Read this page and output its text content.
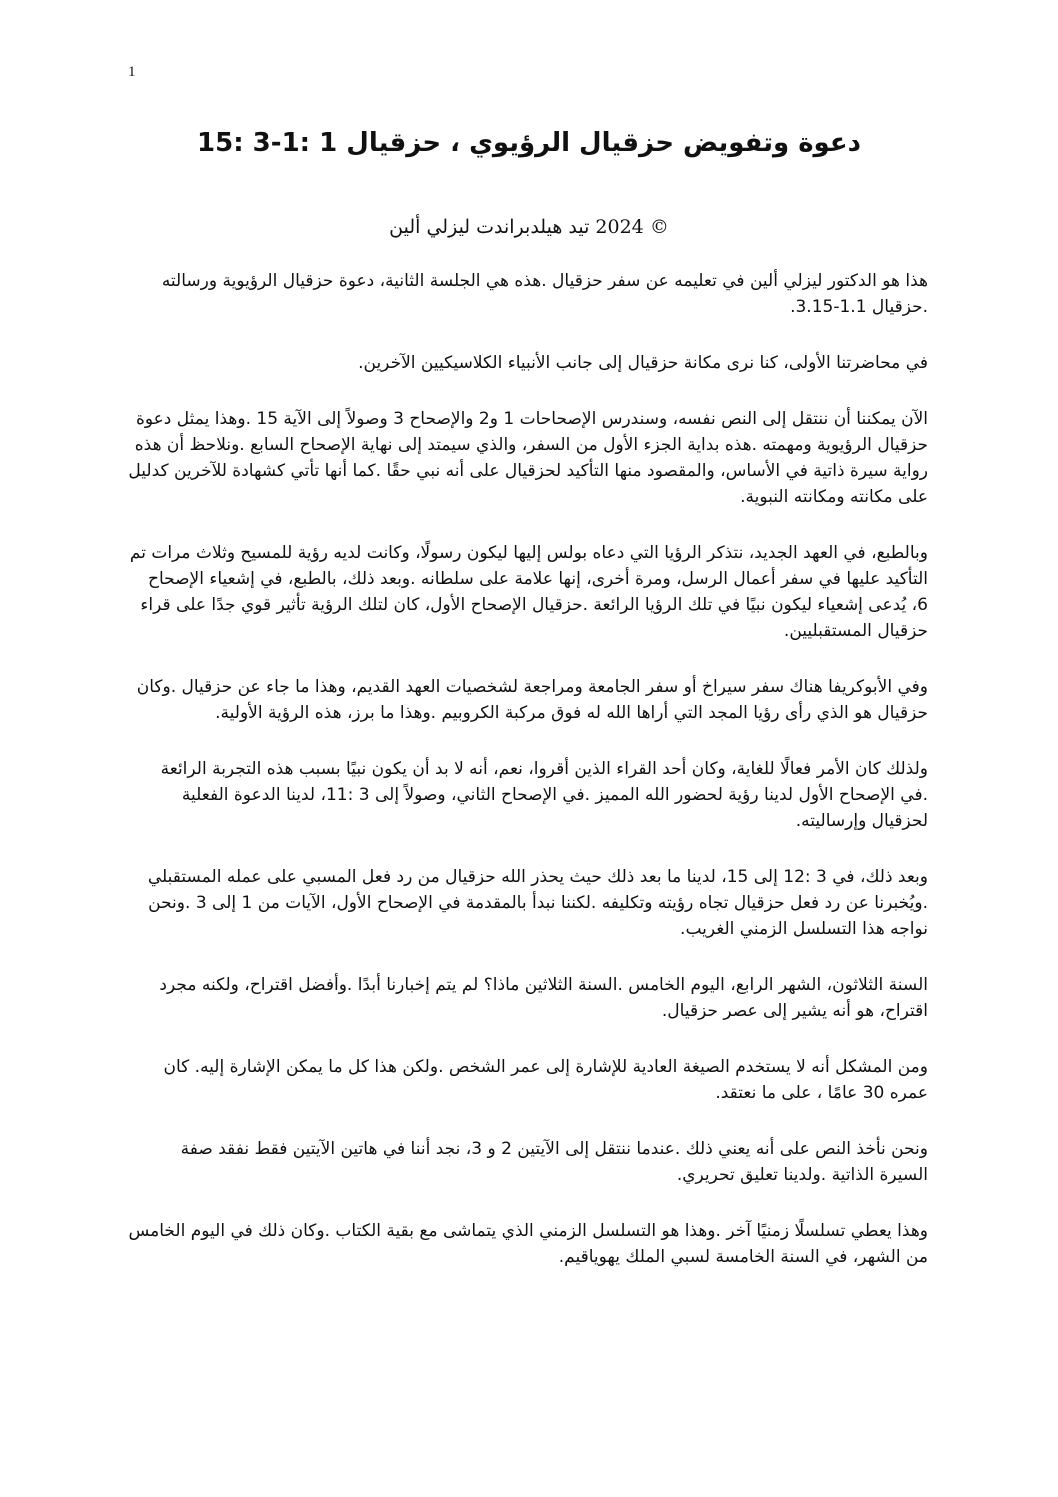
1
دعوة وتفويض حزقيال الرؤيوي ، حزقيال 1 :1-3 :15

© 2024 تيد هيلدبراندت ليزلي ألين

هذا هو الدكتور ليزلي ألين في تعليمه عن سفر حزقيال .هذه هي الجلسة الثانية، دعوة حزقيال الرؤيوية ورسالته .حزقيال 1.1-3.15.

في محاضرتنا الأولى، كنا نرى مكانة حزقيال إلى جانب الأنبياء الكلاسيكيين الآخرين.

الآن يمكننا أن ننتقل إلى النص نفسه، وسندرس الإصحاحات 1 و2 والإصحاح 3 وصولاً إلى الآية 15 .وهذا يمثل دعوة حزقيال الرؤيوية ومهمته .هذه بداية الجزء الأول من السفر، والذي سيمتد إلى نهاية الإصحاح السابع .ونلاحظ أن هذه رواية سيرة ذاتية في الأساس، والمقصود منها التأكيد لحزقيال على أنه نبي حقًا .كما أنها تأتي كشهادة للآخرين كدليل على مكانته ومكانته النبوية.

وبالطبع، في العهد الجديد، نتذكر الرؤيا التي دعاه بولس إليها ليكون رسولًا، وكانت لديه رؤية للمسيح وثلاث مرات تم التأكيد عليها في سفر أعمال الرسل، ومرة أخرى، إنها علامة على سلطانه .وبعد ذلك، بالطبع، في إشعياء الإصحاح 6، يُدعى إشعياء ليكون نبيًا في تلك الرؤيا الرائعة .حزقيال الإصحاح الأول، كان لتلك الرؤية تأثير قوي جدًا على قراء حزقيال المستقبليين.

وفي الأبوكريفا هناك سفر سيراخ أو سفر الجامعة ومراجعة لشخصيات العهد القديم، وهذا ما جاء عن حزقيال .وكان حزقيال هو الذي رأى رؤيا المجد التي أراها الله له فوق مركبة الكروبيم .وهذا ما برز، هذه الرؤية الأولية.

ولذلك كان الأمر فعالًا للغاية، وكان أحد القراء الذين أقروا، نعم، أنه لا بد أن يكون نبيًا بسبب هذه التجربة الرائعة .في الإصحاح الأول لدينا رؤية لحضور الله المميز .في الإصحاح الثاني، وصولاً إلى 3 :11، لدينا الدعوة الفعلية لحزقيال وإرساليته.

وبعد ذلك، في 3 :12 إلى 15، لدينا ما بعد ذلك حيث يحذر الله حزقيال من رد فعل المسبي على عمله المستقبلي .ويُخبرنا عن رد فعل حزقيال تجاه رؤيته وتكليفه .لكننا نبدأ بالمقدمة في الإصحاح الأول، الآيات من 1 إلى 3 .ونحن نواجه هذا التسلسل الزمني الغريب.

السنة الثلاثون، الشهر الرابع، اليوم الخامس .السنة الثلاثين ماذا؟ لم يتم إخبارنا أبدًا .وأفضل اقتراح، ولكنه مجرد اقتراح، هو أنه يشير إلى عصر حزقيال.

ومن المشكل أنه لا يستخدم الصيغة العادية للإشارة إلى عمر الشخص .ولكن هذا كل ما يمكن الإشارة إليه. كان عمره 30 عامًا ، على ما نعتقد.

ونحن نأخذ النص على أنه يعني ذلك .عندما ننتقل إلى الآيتين 2 و 3، نجد أننا في هاتين الآيتين فقط نفقد صفة السيرة الذاتية .ولدينا تعليق تحريري.

وهذا يعطي تسلسلًا زمنيًا آخر .وهذا هو التسلسل الزمني الذي يتماشى مع بقية الكتاب .وكان ذلك في اليوم الخامس من الشهر، في السنة الخامسة لسبي الملك يهوياقيم.
